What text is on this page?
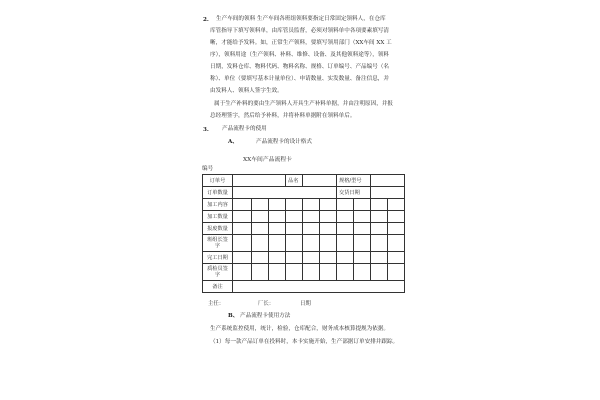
2. 生产车间的领料 生产车间各班组领料要指定日常固定领料人，在仓库
库管指导下填写领料单，由库管员监督，必须对领料单中各项要素填写清
晰，才能给予发料。如，正常生产领料，要填写领用部门（XX车间 XX 工
序），领料用途（生产领料、补料、维修、设备、及其他领料途等），领料
日期，发料仓库、物料代码、物料名称、规格、订单编号、产品编号（名
称）、单位（要填写基本计量单位）、申请数量、实发数量、备注信息，并
由发料人、领料人签字生效。
属于生产补料的要由生产领料人开具生产补料单据，并由注明原因，并报
总经理签字，然后给予补料，并将补料单据附在领料单后。
3. 产品流程卡的使用
A、	产品流程卡的设计格式
XX车间产品流程卡
编号
订单号				品名			规格/型号			
订单数量							交货日期			
加工内容										
加工数量										
报废数量										

班组长签
字										

完工日期										

质检员签
字										

备注										
主任：	厂长：	日期
B、 产品流程卡使用方法
生产系统监控使用，统计，检验，仓库配合，财务成本核算提规为依据。
（1）每一款产品订单在投料时，本卡实施开始，生产部据订单安排并跟踪。
